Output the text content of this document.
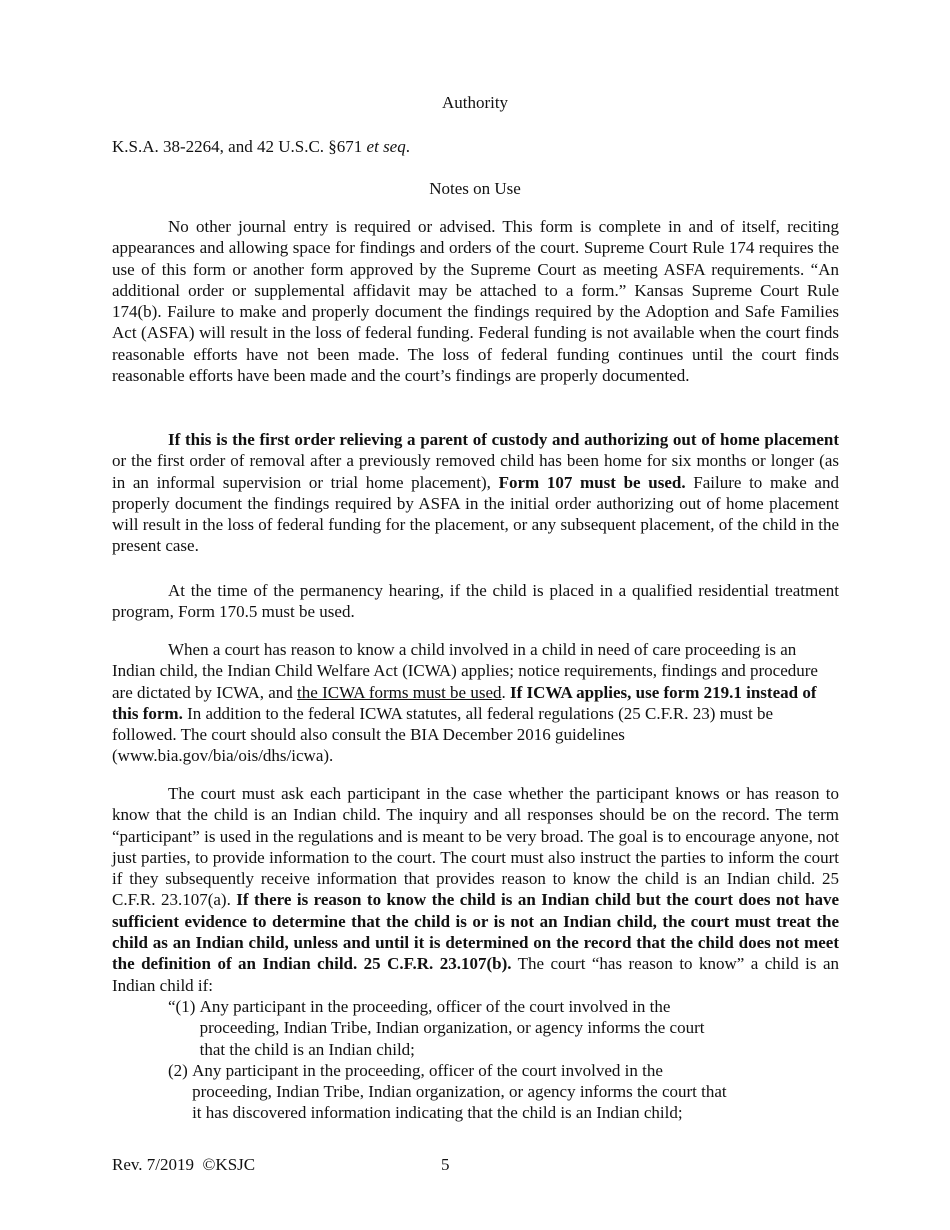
Authority
K.S.A. 38-2264, and 42 U.S.C. §671 et seq.
Notes on Use
No other journal entry is required or advised. This form is complete in and of itself, reciting appearances and allowing space for findings and orders of the court. Supreme Court Rule 174 requires the use of this form or another form approved by the Supreme Court as meeting ASFA requirements. “An additional order or supplemental affidavit may be attached to a form.” Kansas Supreme Court Rule 174(b). Failure to make and properly document the findings required by the Adoption and Safe Families Act (ASFA) will result in the loss of federal funding. Federal funding is not available when the court finds reasonable efforts have not been made. The loss of federal funding continues until the court finds reasonable efforts have been made and the court’s findings are properly documented.
If this is the first order relieving a parent of custody and authorizing out of home placement or the first order of removal after a previously removed child has been home for six months or longer (as in an informal supervision or trial home placement), Form 107 must be used. Failure to make and properly document the findings required by ASFA in the initial order authorizing out of home placement will result in the loss of federal funding for the placement, or any subsequent placement, of the child in the present case.
At the time of the permanency hearing, if the child is placed in a qualified residential treatment program, Form 170.5 must be used.
When a court has reason to know a child involved in a child in need of care proceeding is an Indian child, the Indian Child Welfare Act (ICWA) applies; notice requirements, findings and procedure are dictated by ICWA, and the ICWA forms must be used. If ICWA applies, use form 219.1 instead of this form. In addition to the federal ICWA statutes, all federal regulations (25 C.F.R. 23) must be followed. The court should also consult the BIA December 2016 guidelines (www.bia.gov/bia/ois/dhs/icwa).
The court must ask each participant in the case whether the participant knows or has reason to know that the child is an Indian child. The inquiry and all responses should be on the record. The term “participant” is used in the regulations and is meant to be very broad. The goal is to encourage anyone, not just parties, to provide information to the court. The court must also instruct the parties to inform the court if they subsequently receive information that provides reason to know the child is an Indian child. 25 C.F.R. 23.107(a). If there is reason to know the child is an Indian child but the court does not have sufficient evidence to determine that the child is or is not an Indian child, the court must treat the child as an Indian child, unless and until it is determined on the record that the child does not meet the definition of an Indian child. 25 C.F.R. 23.107(b). The court “has reason to know” a child is an Indian child if:
“(1) Any participant in the proceeding, officer of the court involved in the proceeding, Indian Tribe, Indian organization, or agency informs the court that the child is an Indian child;
(2) Any participant in the proceeding, officer of the court involved in the proceeding, Indian Tribe, Indian organization, or agency informs the court that it has discovered information indicating that the child is an Indian child;
Rev. 7/2019  ©KSJC	5
